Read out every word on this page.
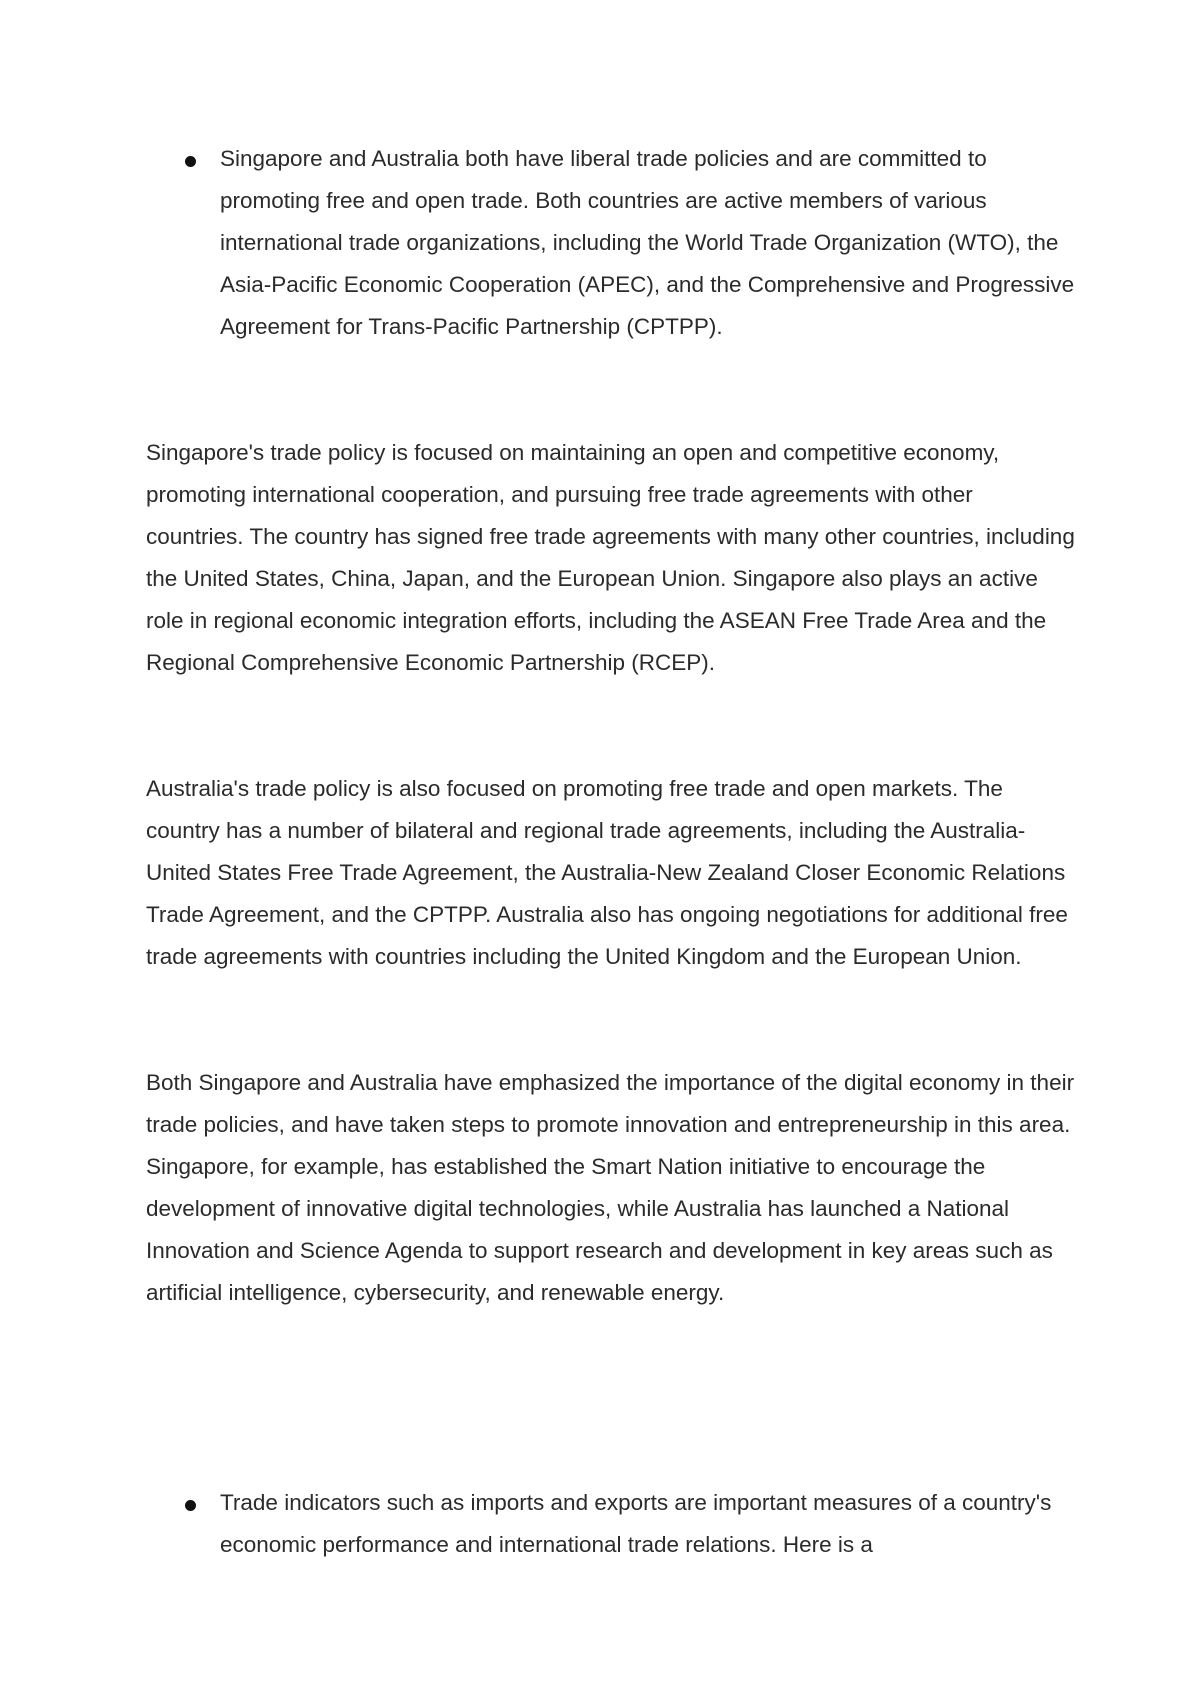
Singapore and Australia both have liberal trade policies and are committed to promoting free and open trade. Both countries are active members of various international trade organizations, including the World Trade Organization (WTO), the Asia-Pacific Economic Cooperation (APEC), and the Comprehensive and Progressive Agreement for Trans-Pacific Partnership (CPTPP).

Singapore's trade policy is focused on maintaining an open and competitive economy, promoting international cooperation, and pursuing free trade agreements with other countries. The country has signed free trade agreements with many other countries, including the United States, China, Japan, and the European Union. Singapore also plays an active role in regional economic integration efforts, including the ASEAN Free Trade Area and the Regional Comprehensive Economic Partnership (RCEP).

Australia's trade policy is also focused on promoting free trade and open markets. The country has a number of bilateral and regional trade agreements, including the Australia-United States Free Trade Agreement, the Australia-New Zealand Closer Economic Relations Trade Agreement, and the CPTPP. Australia also has ongoing negotiations for additional free trade agreements with countries including the United Kingdom and the European Union.

Both Singapore and Australia have emphasized the importance of the digital economy in their trade policies, and have taken steps to promote innovation and entrepreneurship in this area. Singapore, for example, has established the Smart Nation initiative to encourage the development of innovative digital technologies, while Australia has launched a National Innovation and Science Agenda to support research and development in key areas such as artificial intelligence, cybersecurity, and renewable energy.

Trade indicators such as imports and exports are important measures of a country's economic performance and international trade relations. Here is a
